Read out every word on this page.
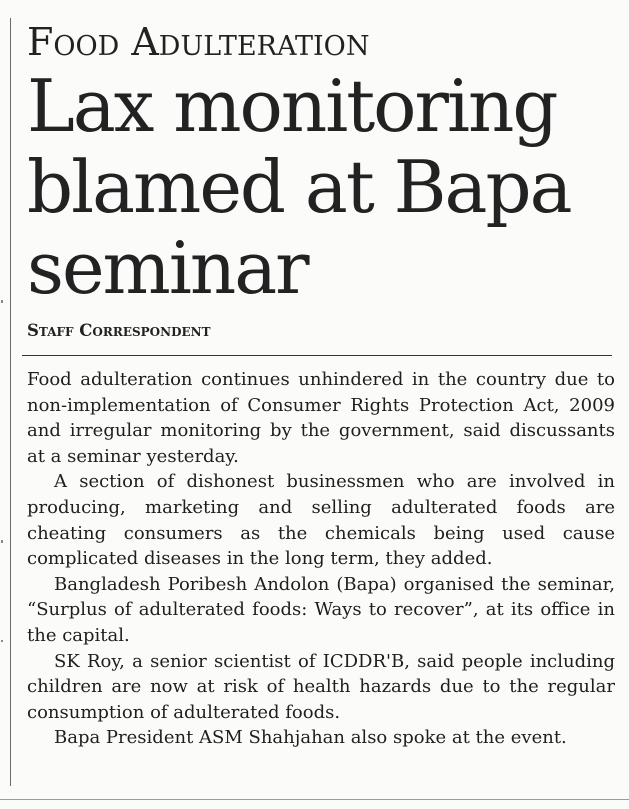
Food Adulteration
Lax monitoring blamed at Bapa seminar
Staff Correspondent

Food adulteration continues unhindered in the country due to non-implementation of Consumer Rights Protection Act, 2009 and irregular monitoring by the government, said discussants at a seminar yesterday.

A section of dishonest businessmen who are involved in producing, marketing and selling adulterated foods are cheating consumers as the chemicals being used cause complicated diseases in the long term, they added.

Bangladesh Poribesh Andolon (Bapa) organised the seminar, “Surplus of adulterated foods: Ways to recover”, at its office in the capital.

SK Roy, a senior scientist of ICDDR'B, said people including children are now at risk of health hazards due to the regular consumption of adulterated foods.

Bapa President ASM Shahjahan also spoke at the event.
